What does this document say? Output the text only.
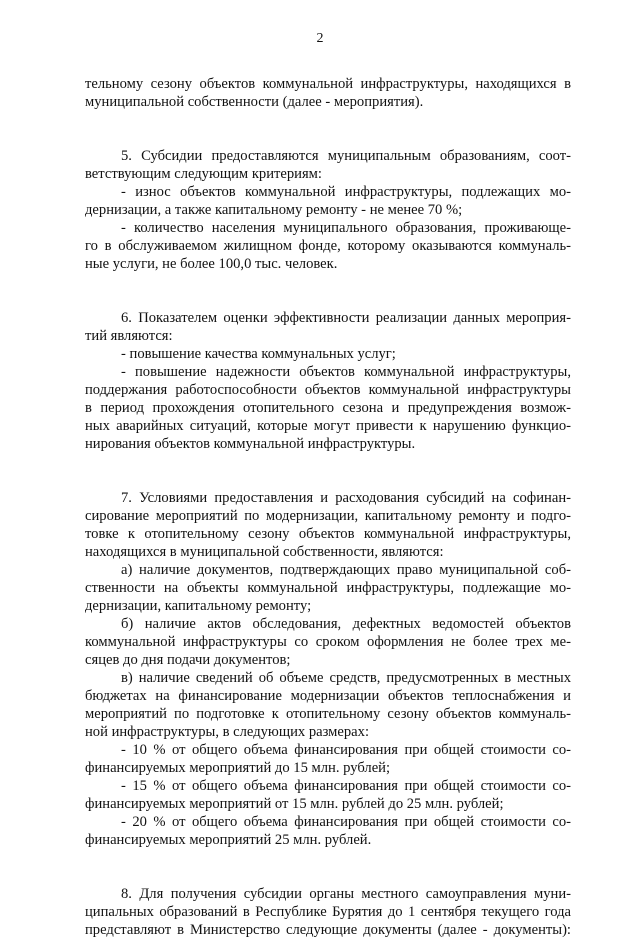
2
тельному сезону объектов коммунальной инфраструктуры, находящихся в
муниципальной собственности (далее - мероприятия).
5. Субсидии предоставляются муниципальным образованиям, соот-
ветствующим следующим критериям:
- износ объектов коммунальной инфраструктуры, подлежащих мо-
дернизации, а также капитальному ремонту - не менее 70 %;
- количество населения муниципального образования, проживающе-
го в обслуживаемом жилищном фонде, которому оказываются коммуналь-
ные услуги, не более 100,0 тыс. человек.
6. Показателем оценки эффективности реализации данных мероприя-
тий являются:
- повышение качества коммунальных услуг;
- повышение надежности объектов коммунальной инфраструктуры,
поддержания работоспособности объектов коммунальной инфраструктуры
в период прохождения отопительного сезона и предупреждения возмож-
ных аварийных ситуаций, которые могут привести к нарушению функцио-
нирования объектов коммунальной инфраструктуры.
7. Условиями предоставления и расходования субсидий на софинан-
сирование мероприятий по модернизации, капитальному ремонту и подго-
товке к отопительному сезону объектов коммунальной инфраструктуры,
находящихся в муниципальной собственности, являются:
а) наличие документов, подтверждающих право муниципальной соб-
ственности на объекты коммунальной инфраструктуры, подлежащие мо-
дернизации, капитальному ремонту;
б) наличие актов обследования, дефектных ведомостей объектов
коммунальной инфраструктуры со сроком оформления не более трех ме-
сяцев до дня подачи документов;
в) наличие сведений об объеме средств, предусмотренных в местных
бюджетах на финансирование модернизации объектов теплоснабжения и
мероприятий по подготовке к отопительному сезону объектов коммуналь-
ной инфраструктуры, в следующих размерах:
- 10 % от общего объема финансирования при общей стоимости со-
финансируемых мероприятий до 15 млн. рублей;
- 15 % от общего объема финансирования при общей стоимости со-
финансируемых мероприятий от 15 млн. рублей до 25 млн. рублей;
- 20 % от общего объема финансирования при общей стоимости со-
финансируемых мероприятий 25 млн. рублей.
8. Для получения субсидии органы местного самоуправления муни-
ципальных образований в Республике Бурятия до 1 сентября текущего года
представляют в Министерство следующие документы (далее - документы):
